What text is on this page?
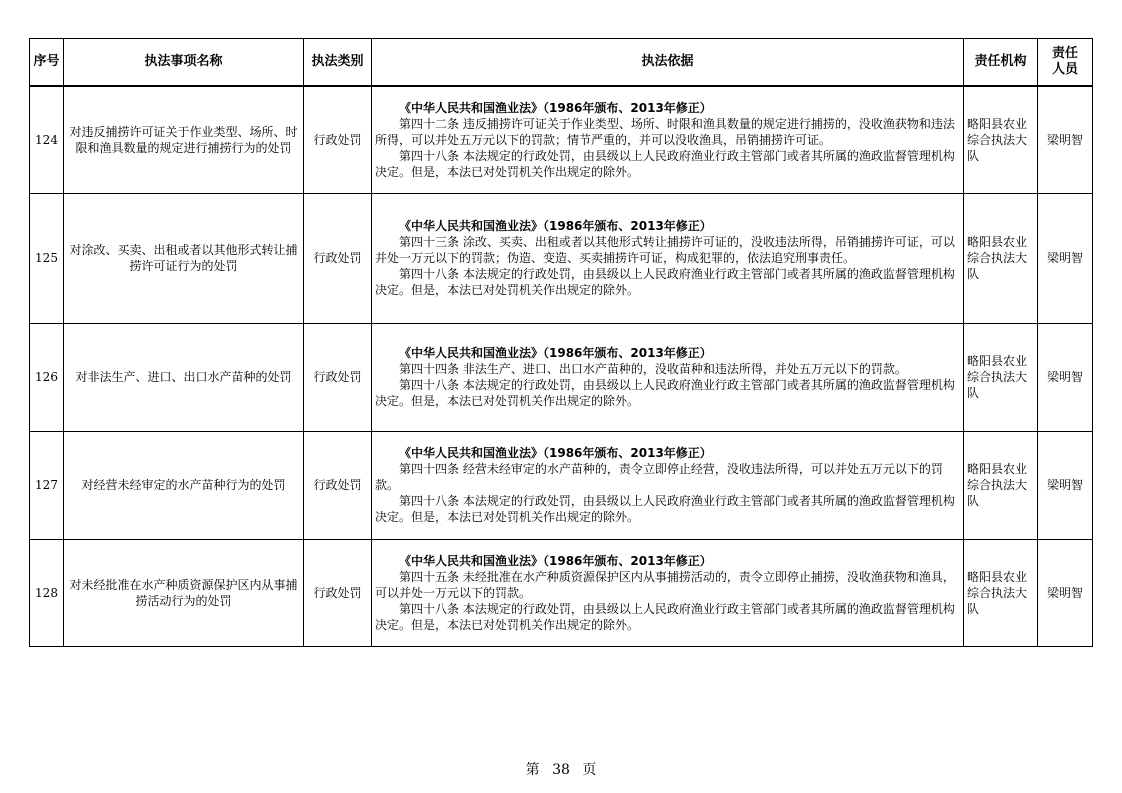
序号	执法事项名称	执法类别	执法依据	责任机构	责任人员
124	对违反捕捞许可证关于作业类型、场所、时限和渔具数量的规定进行捕捞行为的处罚	行政处罚	《中华人民共和国渔业法》（1986年颁布、2013年修正）

第四十二条 违反捕捞许可证关于作业类型、场所、时限和渔具数量的规定进行捕捞的，没收渔获物和违法所得，可以并处五万元以下的罚款；情节严重的，并可以没收渔具，吊销捕捞许可证。

第四十八条 本法规定的行政处罚，由县级以上人民政府渔业行政主管部门或者其所属的渔政监督管理机构决定。但是，本法已对处罚机关作出规定的除外。	略阳县农业综合执法大队	梁明智
125	对涂改、买卖、出租或者以其他形式转让捕捞许可证行为的处罚	行政处罚	《中华人民共和国渔业法》（1986年颁布、2013年修正）

第四十三条 涂改、买卖、出租或者以其他形式转让捕捞许可证的，没收违法所得，吊销捕捞许可证，可以并处一万元以下的罚款；伪造、变造、买卖捕捞许可证，构成犯罪的，依法追究刑事责任。

第四十八条 本法规定的行政处罚，由县级以上人民政府渔业行政主管部门或者其所属的渔政监督管理机构决定。但是，本法已对处罚机关作出规定的除外。	略阳县农业综合执法大队	梁明智
126	对非法生产、进口、出口水产苗种的处罚	行政处罚	《中华人民共和国渔业法》（1986年颁布、2013年修正）

第四十四条 非法生产、进口、出口水产苗种的，没收苗种和违法所得，并处五万元以下的罚款。

第四十八条 本法规定的行政处罚，由县级以上人民政府渔业行政主管部门或者其所属的渔政监督管理机构决定。但是，本法已对处罚机关作出规定的除外。	略阳县农业综合执法大队	梁明智
127	对经营未经审定的水产苗种行为的处罚	行政处罚	《中华人民共和国渔业法》（1986年颁布、2013年修正）

第四十四条 经营未经审定的水产苗种的，责令立即停止经营，没收违法所得，可以并处五万元以下的罚款。

第四十八条 本法规定的行政处罚，由县级以上人民政府渔业行政主管部门或者其所属的渔政监督管理机构决定。但是，本法已对处罚机关作出规定的除外。	略阳县农业综合执法大队	梁明智
128	对未经批准在水产种质资源保护区内从事捕捞活动行为的处罚	行政处罚	《中华人民共和国渔业法》（1986年颁布、2013年修正）

第四十五条 未经批准在水产种质资源保护区内从事捕捞活动的，责令立即停止捕捞，没收渔获物和渔具，可以并处一万元以下的罚款。

第四十八条 本法规定的行政处罚，由县级以上人民政府渔业行政主管部门或者其所属的渔政监督管理机构决定。但是，本法已对处罚机关作出规定的除外。	略阳县农业综合执法大队	梁明智
第 38 页
